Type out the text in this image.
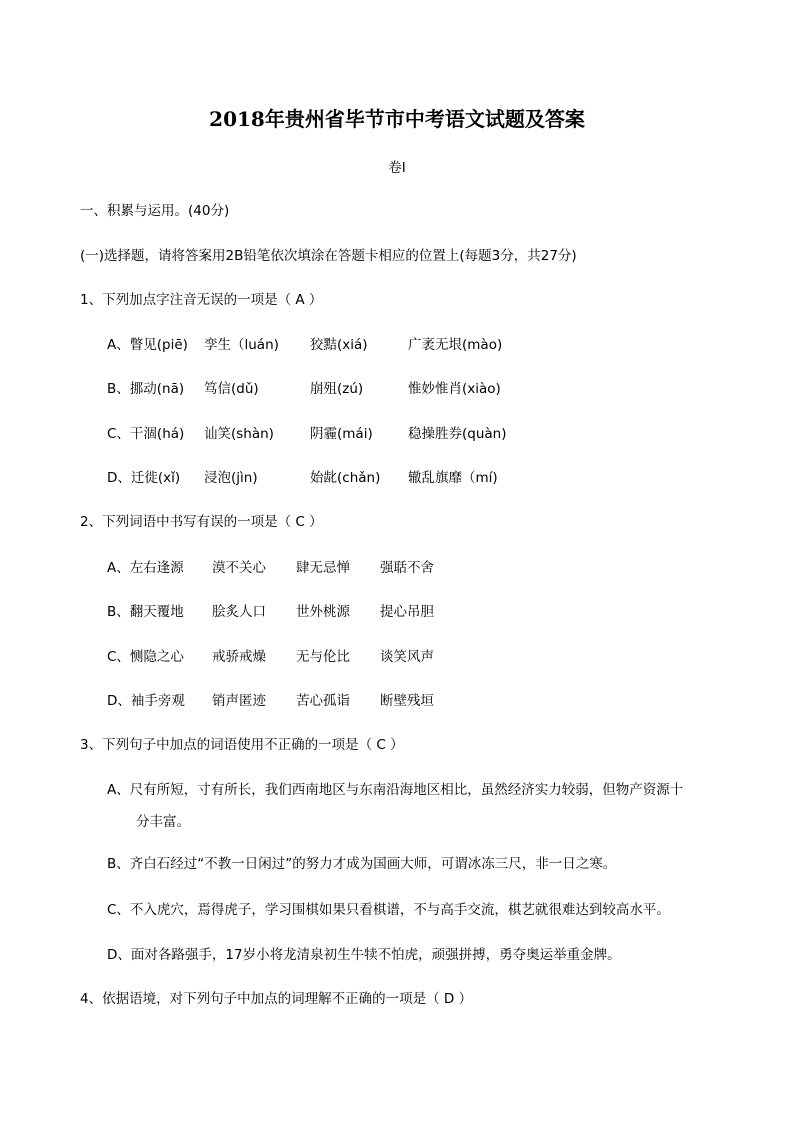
2018年贵州省毕节市中考语文试题及答案
卷I
一、积累与运用。(40分)
(一)选择题，请将答案用2B铅笔依次填涂在答题卡相应的位置上(每题3分，共27分)
1、下列加点字注音无误的一项是（ A ）
A、瞥见(piē) 孪生（luán) 狡黠(xiá)	广袤无垠(mào)
B、挪动(nā) 笃信(dǔ)	崩殂(zú)	惟妙惟肖(xiào)
C、干涸(há) 讪笑(shàn)	阴霾(mái)	稳操胜券(quàn)
D、迁徙(xǐ) 浸泡(jìn)	始龀(chǎn) 辙乱旗靡（mí)
2、下列词语中书写有误的一项是（ C ）
A、左右逢源 漠不关心 肆无忌惮 强聒不舍
B、翻天覆地 脍炙人口 世外桃源 提心吊胆
C、恻隐之心 戒骄戒燥 无与伦比 谈笑风声
D、袖手旁观 销声匿迹 苦心孤诣 断壁残垣
3、下列句子中加点的词语使用不正确的一项是（ C ）
A、尺有所短，寸有所长，我们西南地区与东南沿海地区相比，虽然经济实力较弱，但物产资源十
分丰富。
B、齐白石经过“不教一日闲过”的努力才成为国画大师，可谓冰冻三尺，非一日之寒。
C、不入虎穴，焉得虎子，学习围棋如果只看棋谱，不与高手交流，棋艺就很难达到较高水平。
D、面对各路强手，17岁小将龙清泉初生牛犊不怕虎，顽强拼搏，勇夺奥运举重金牌。
4、依据语境，对下列句子中加点的词理解不正确的一项是（ D ）
